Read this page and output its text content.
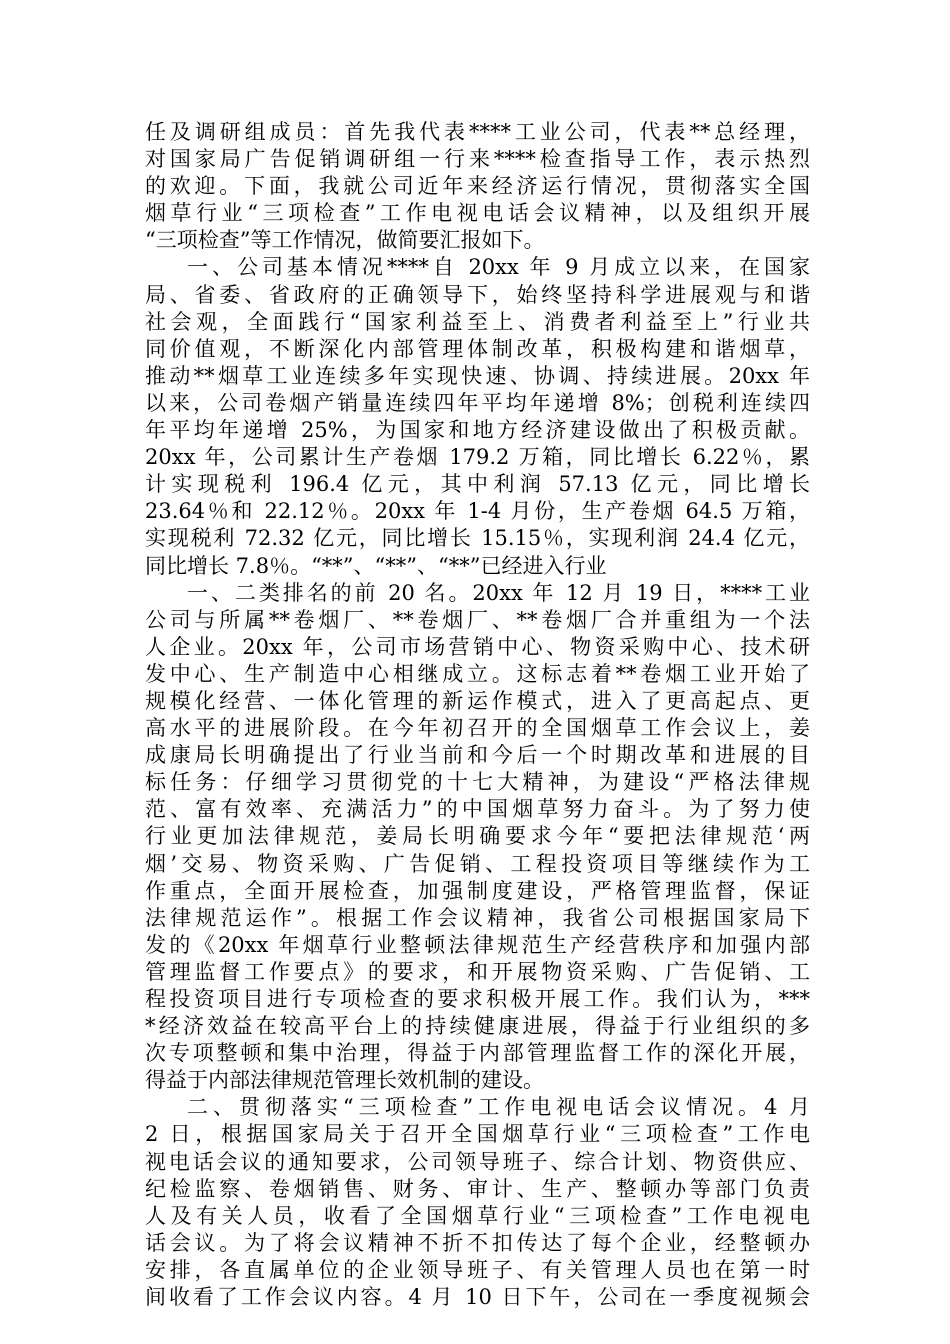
任及调研组成员：首先我代表****工业公司，代表**总经理，
对国家局广告促销调研组一行来****检查指导工作，表示热烈
的欢迎。下面，我就公司近年来经济运行情况，贯彻落实全国
烟草行业“三项检查”工作电视电话会议精神，以及组织开展
“三项检查”等工作情况，做简要汇报如下。
一、公司基本情况****自 20xx 年 9 月成立以来，在国家
局、省委、省政府的正确领导下，始终坚持科学进展观与和谐
社会观，全面践行“国家利益至上、消费者利益至上”行业共
同价值观，不断深化内部管理体制改革，积极构建和谐烟草，
推动**烟草工业连续多年实现快速、协调、持续进展。20xx 年
以来，公司卷烟产销量连续四年平均年递增 8%；创税利连续四
年平均年递增 25%，为国家和地方经济建设做出了积极贡献。
20xx 年，公司累计生产卷烟 179.2 万箱，同比增长 6.22％，累
计实现税利 196.4 亿元，其中利润 57.13 亿元，同比增长
23.64％和 22.12％。20xx 年 1-4 月份，生产卷烟 64.5 万箱，
实现税利 72.32 亿元，同比增长 15.15％，实现利润 24.4 亿元，
同比增长 7.8％。“**”、“**”、“**”已经进入行业
一、二类排名的前 20 名。20xx 年 12 月 19 日，****工业
公司与所属**卷烟厂、**卷烟厂、**卷烟厂合并重组为一个法
人企业。20xx 年，公司市场营销中心、物资采购中心、技术研
发中心、生产制造中心相继成立。这标志着**卷烟工业开始了
规模化经营、一体化管理的新运作模式，进入了更高起点、更
高水平的进展阶段。在今年初召开的全国烟草工作会议上，姜
成康局长明确提出了行业当前和今后一个时期改革和进展的目
标任务：仔细学习贯彻党的十七大精神，为建设“严格法律规
范、富有效率、充满活力”的中国烟草努力奋斗。为了努力使
行业更加法律规范，姜局长明确要求今年“要把法律规范‘两
烟’交易、物资采购、广告促销、工程投资项目等继续作为工
作重点，全面开展检查，加强制度建设，严格管理监督，保证
法律规范运作”。根据工作会议精神，我省公司根据国家局下
发的《20xx 年烟草行业整顿法律规范生产经营秩序和加强内部
管理监督工作要点》的要求，和开展物资采购、广告促销、工
程投资项目进行专项检查的要求积极开展工作。我们认为，***
*经济效益在较高平台上的持续健康进展，得益于行业组织的多
次专项整顿和集中治理，得益于内部管理监督工作的深化开展，
得益于内部法律规范管理长效机制的建设。
二、贯彻落实“三项检查”工作电视电话会议情况。4 月
2 日，根据国家局关于召开全国烟草行业“三项检查”工作电
视电话会议的通知要求，公司领导班子、综合计划、物资供应、
纪检监察、卷烟销售、财务、审计、生产、整顿办等部门负责
人及有关人员，收看了全国烟草行业“三项检查”工作电视电
话会议。为了将会议精神不折不扣传达了每个企业，经整顿办
安排，各直属单位的企业领导班子、有关管理人员也在第一时
间收看了工作会议内容。4 月 10 日下午，公司在一季度视频会
